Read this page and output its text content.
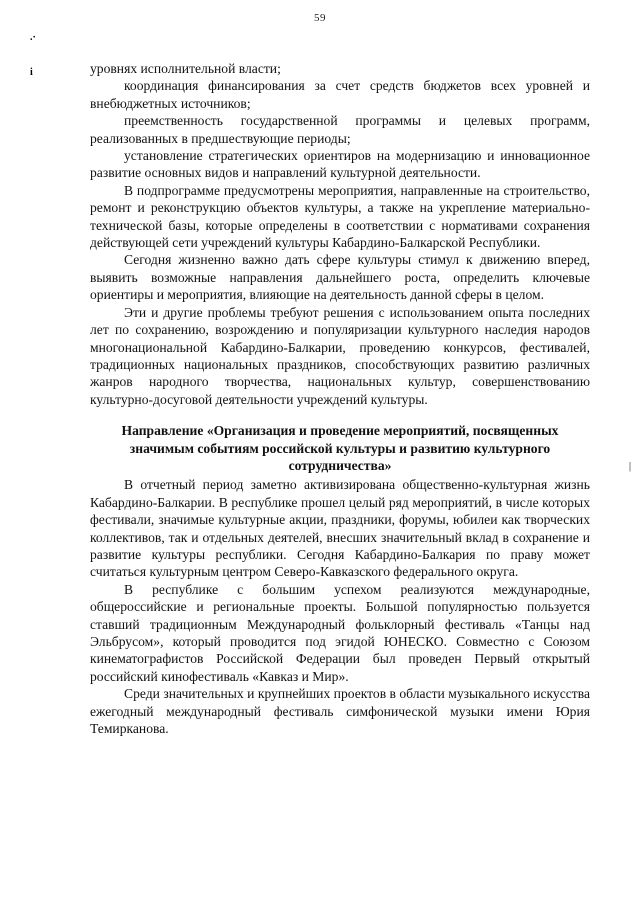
59
.·
і
|

уровнях исполнительной власти;

координация финансирования за счет средств бюджетов всех уровней и внебюджетных источников;

преемственность государственной программы и целевых программ, реализованных в предшествующие периоды;

установление стратегических ориентиров на модернизацию и инновационное развитие основных видов и направлений культурной деятельности.

В подпрограмме предусмотрены мероприятия, направленные на строительство, ремонт и реконструкцию объектов культуры, а также на укрепление материально-технической базы, которые определены в соответствии с нормативами сохранения действующей сети учреждений культуры Кабардино-Балкарской Республики.

Сегодня жизненно важно дать сфере культуры стимул к движению вперед, выявить возможные направления дальнейшего роста, определить ключевые ориентиры и мероприятия, влияющие на деятельность данной сферы в целом.

Эти и другие проблемы требуют решения с использованием опыта последних лет по сохранению, возрождению и популяризации культурного наследия народов многонациональной Кабардино-Балкарии, проведению конкурсов, фестивалей, традиционных национальных праздников, способствующих развитию различных жанров народного творчества, национальных культур, совершенствованию культурно-досуговой деятельности учреждений культуры.

Направление «Организация и проведение мероприятий, посвященных значимым событиям российской культуры и развитию культурного сотрудничества»

В отчетный период заметно активизирована общественно-культурная жизнь Кабардино-Балкарии. В республике прошел целый ряд мероприятий, в числе которых фестивали, значимые культурные акции, праздники, форумы, юбилеи как творческих коллективов, так и отдельных деятелей, внесших значительный вклад в сохранение и развитие культуры республики. Сегодня Кабардино-Балкария по праву может считаться культурным центром Северо-Кавказского федерального округа.

В республике с большим успехом реализуются международные, общероссийские и региональные проекты. Большой популярностью пользуется ставший традиционным Международный фольклорный фестиваль «Танцы над Эльбрусом», который проводится под эгидой ЮНЕСКО. Совместно с Союзом кинематографистов Российской Федерации был проведен Первый открытый российский кинофестиваль «Кавказ и Мир».

Среди значительных и крупнейших проектов в области музыкального искусства ежегодный международный фестиваль симфонической музыки имени Юрия Темирканова.
